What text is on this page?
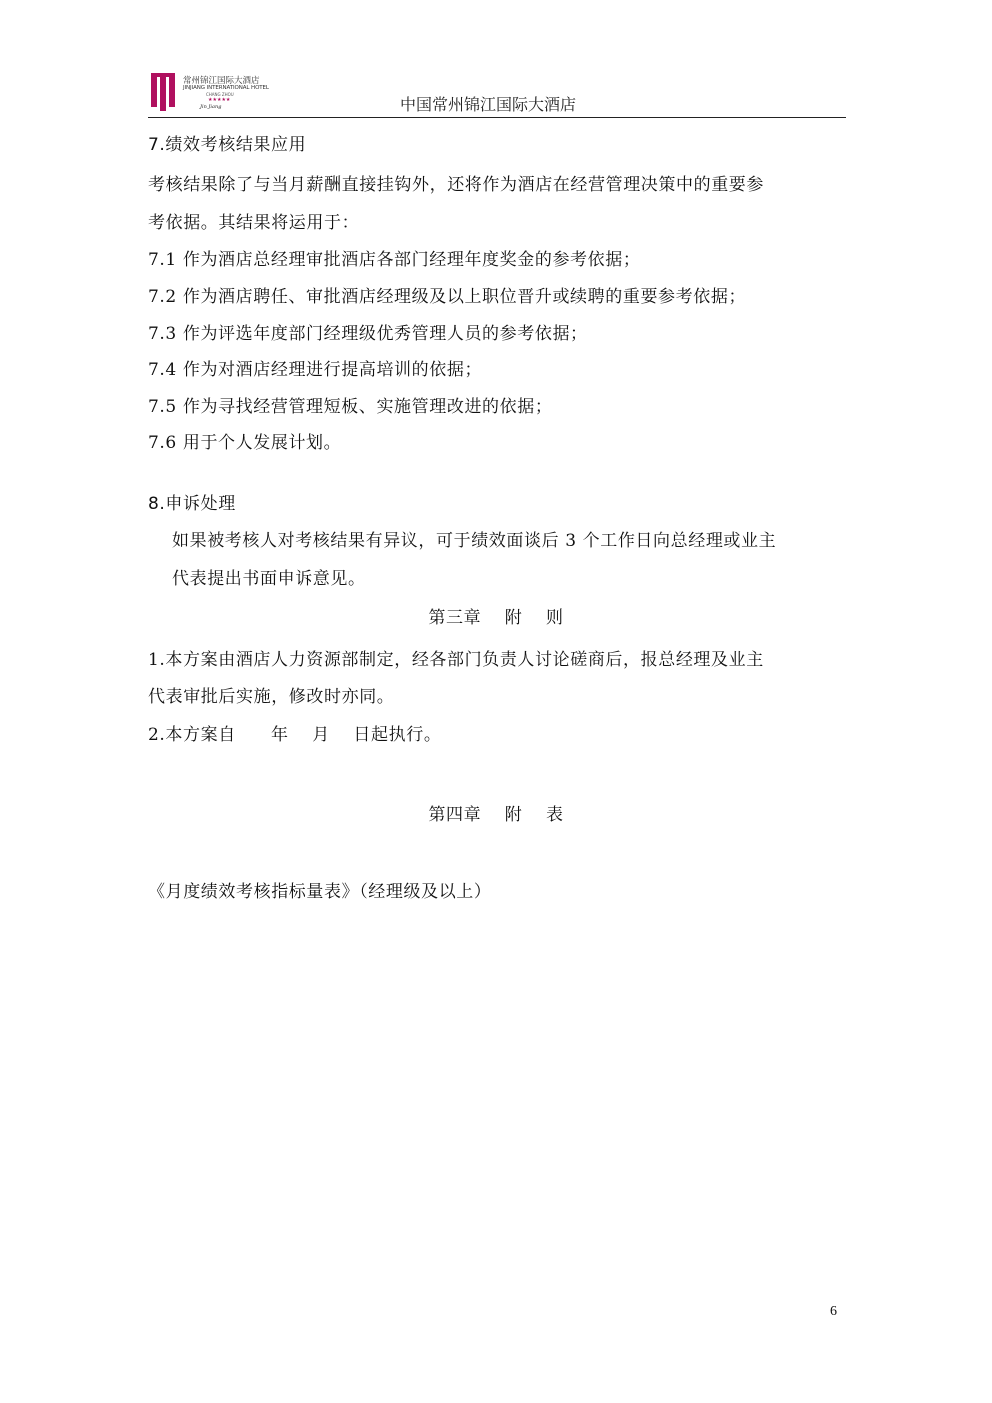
常州锦江国际大酒店
JINJIANG INTERNATIONAL HOTEL
CHANG ZHOU
★★★★★
Jin Jiang	中国常州锦江国际大酒店
7.绩效考核结果应用
考核结果除了与当月薪酬直接挂钩外，还将作为酒店在经营管理决策中的重要参
考依据。其结果将运用于：
7.1 作为酒店总经理审批酒店各部门经理年度奖金的参考依据；
7.2 作为酒店聘任、审批酒店经理级及以上职位晋升或续聘的重要参考依据；
7.3 作为评选年度部门经理级优秀管理人员的参考依据；
7.4 作为对酒店经理进行提高培训的依据；
7.5 作为寻找经营管理短板、实施管理改进的依据；
7.6 用于个人发展计划。
8.申诉处理
如果被考核人对考核结果有异议，可于绩效面谈后 3 个工作日向总经理或业主
代表提出书面申诉意见。
第三章　 附　 则
1.本方案由酒店人力资源部制定，经各部门负责人讨论磋商后，报总经理及业主
代表审批后实施，修改时亦同。
2.本方案自　　年　 月　 日起执行。
第四章　 附　 表
《月度绩效考核指标量表》（经理级及以上）
6
